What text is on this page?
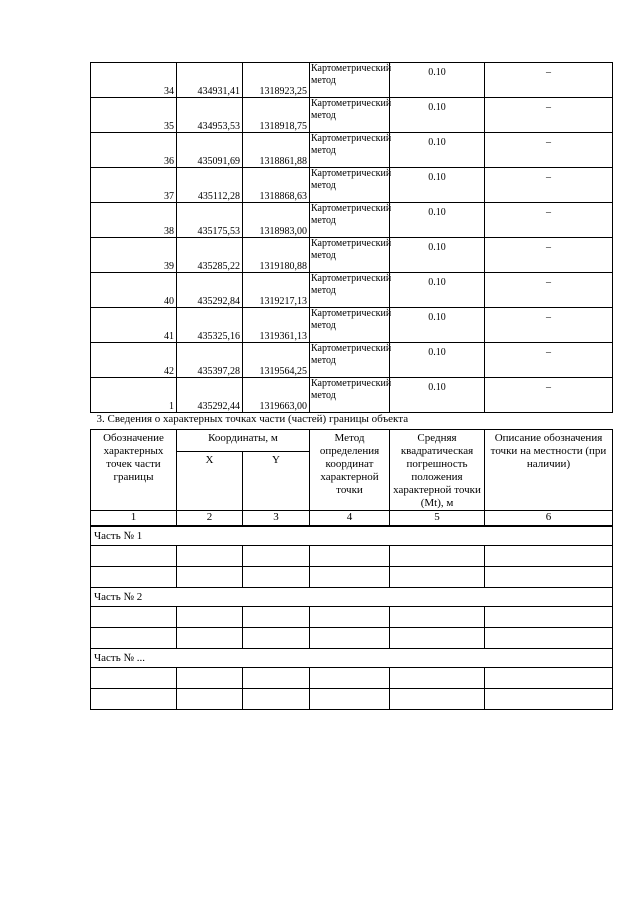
34	434931,41	1318923,25	Картометрический метод	0.10	–
35	434953,53	1318918,75	Картометрический метод	0.10	–
36	435091,69	1318861,88	Картометрический метод	0.10	–
37	435112,28	1318868,63	Картометрический метод	0.10	–
38	435175,53	1318983,00	Картометрический метод	0.10	–
39	435285,22	1319180,88	Картометрический метод	0.10	–
40	435292,84	1319217,13	Картометрический метод	0.10	–
41	435325,16	1319361,13	Картометрический метод	0.10	–
42	435397,28	1319564,25	Картометрический метод	0.10	–
1	435292,44	1319663,00	Картометрический метод	0.10	–
3. Сведения о характерных точках части (частей) границы объекта					
Обозначение характерных точек части границы	Координаты, м		Метод определения координат характерной точки	Средняя квадратическая погрешность положения характерной точки (Mt), м	Описание обозначения точки на местности (при наличии)
	X	Y			
1	2	3	4	5	6
Часть № 1					

Часть № 2					

Часть № ...					
